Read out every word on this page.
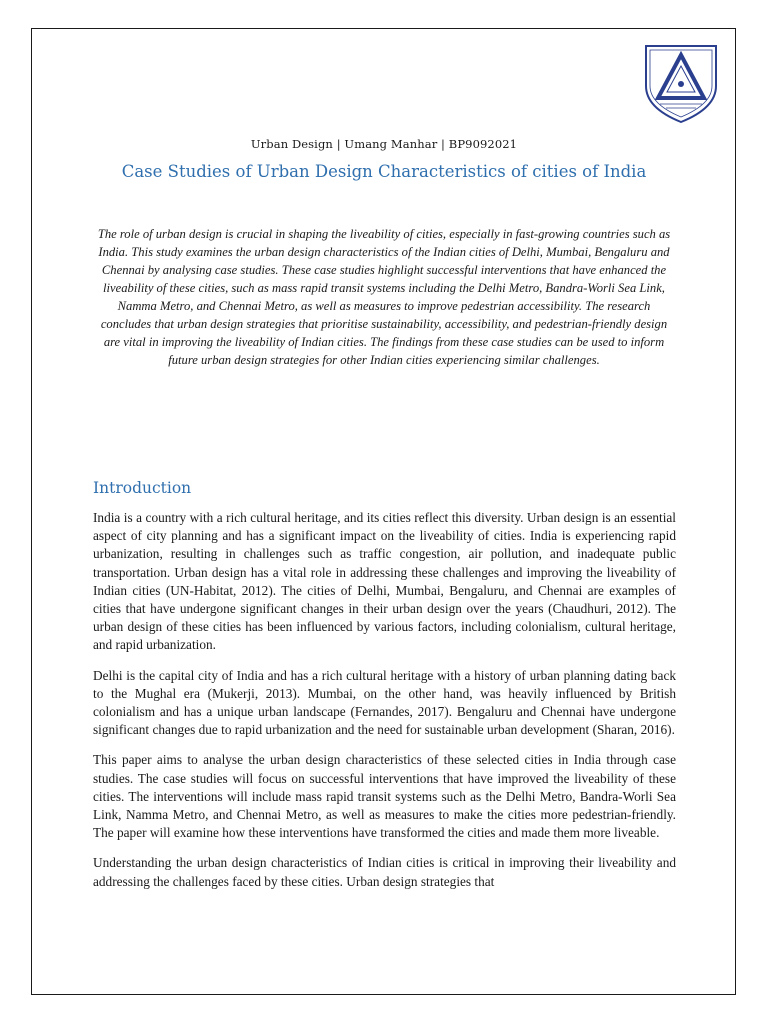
Urban Design | Umang Manhar | BP9092021
Case Studies of Urban Design Characteristics of cities of India
The role of urban design is crucial in shaping the liveability of cities, especially in fast-growing countries such as India. This study examines the urban design characteristics of the Indian cities of Delhi, Mumbai, Bengaluru and Chennai by analysing case studies. These case studies highlight successful interventions that have enhanced the liveability of these cities, such as mass rapid transit systems including the Delhi Metro, Bandra-Worli Sea Link, Namma Metro, and Chennai Metro, as well as measures to improve pedestrian accessibility. The research concludes that urban design strategies that prioritise sustainability, accessibility, and pedestrian-friendly design are vital in improving the liveability of Indian cities. The findings from these case studies can be used to inform future urban design strategies for other Indian cities experiencing similar challenges.
Introduction

India is a country with a rich cultural heritage, and its cities reflect this diversity. Urban design is an essential aspect of city planning and has a significant impact on the liveability of cities. India is experiencing rapid urbanization, resulting in challenges such as traffic congestion, air pollution, and inadequate public transportation. Urban design has a vital role in addressing these challenges and improving the liveability of Indian cities (UN-Habitat, 2012). The cities of Delhi, Mumbai, Bengaluru, and Chennai are examples of cities that have undergone significant changes in their urban design over the years (Chaudhuri, 2012). The urban design of these cities has been influenced by various factors, including colonialism, cultural heritage, and rapid urbanization.

Delhi is the capital city of India and has a rich cultural heritage with a history of urban planning dating back to the Mughal era (Mukerji, 2013). Mumbai, on the other hand, was heavily influenced by British colonialism and has a unique urban landscape (Fernandes, 2017). Bengaluru and Chennai have undergone significant changes due to rapid urbanization and the need for sustainable urban development (Sharan, 2016).

This paper aims to analyse the urban design characteristics of these selected cities in India through case studies. The case studies will focus on successful interventions that have improved the liveability of these cities. The interventions will include mass rapid transit systems such as the Delhi Metro, Bandra-Worli Sea Link, Namma Metro, and Chennai Metro, as well as measures to make the cities more pedestrian-friendly. The paper will examine how these interventions have transformed the cities and made them more liveable.

Understanding the urban design characteristics of Indian cities is critical in improving their liveability and addressing the challenges faced by these cities. Urban design strategies that
